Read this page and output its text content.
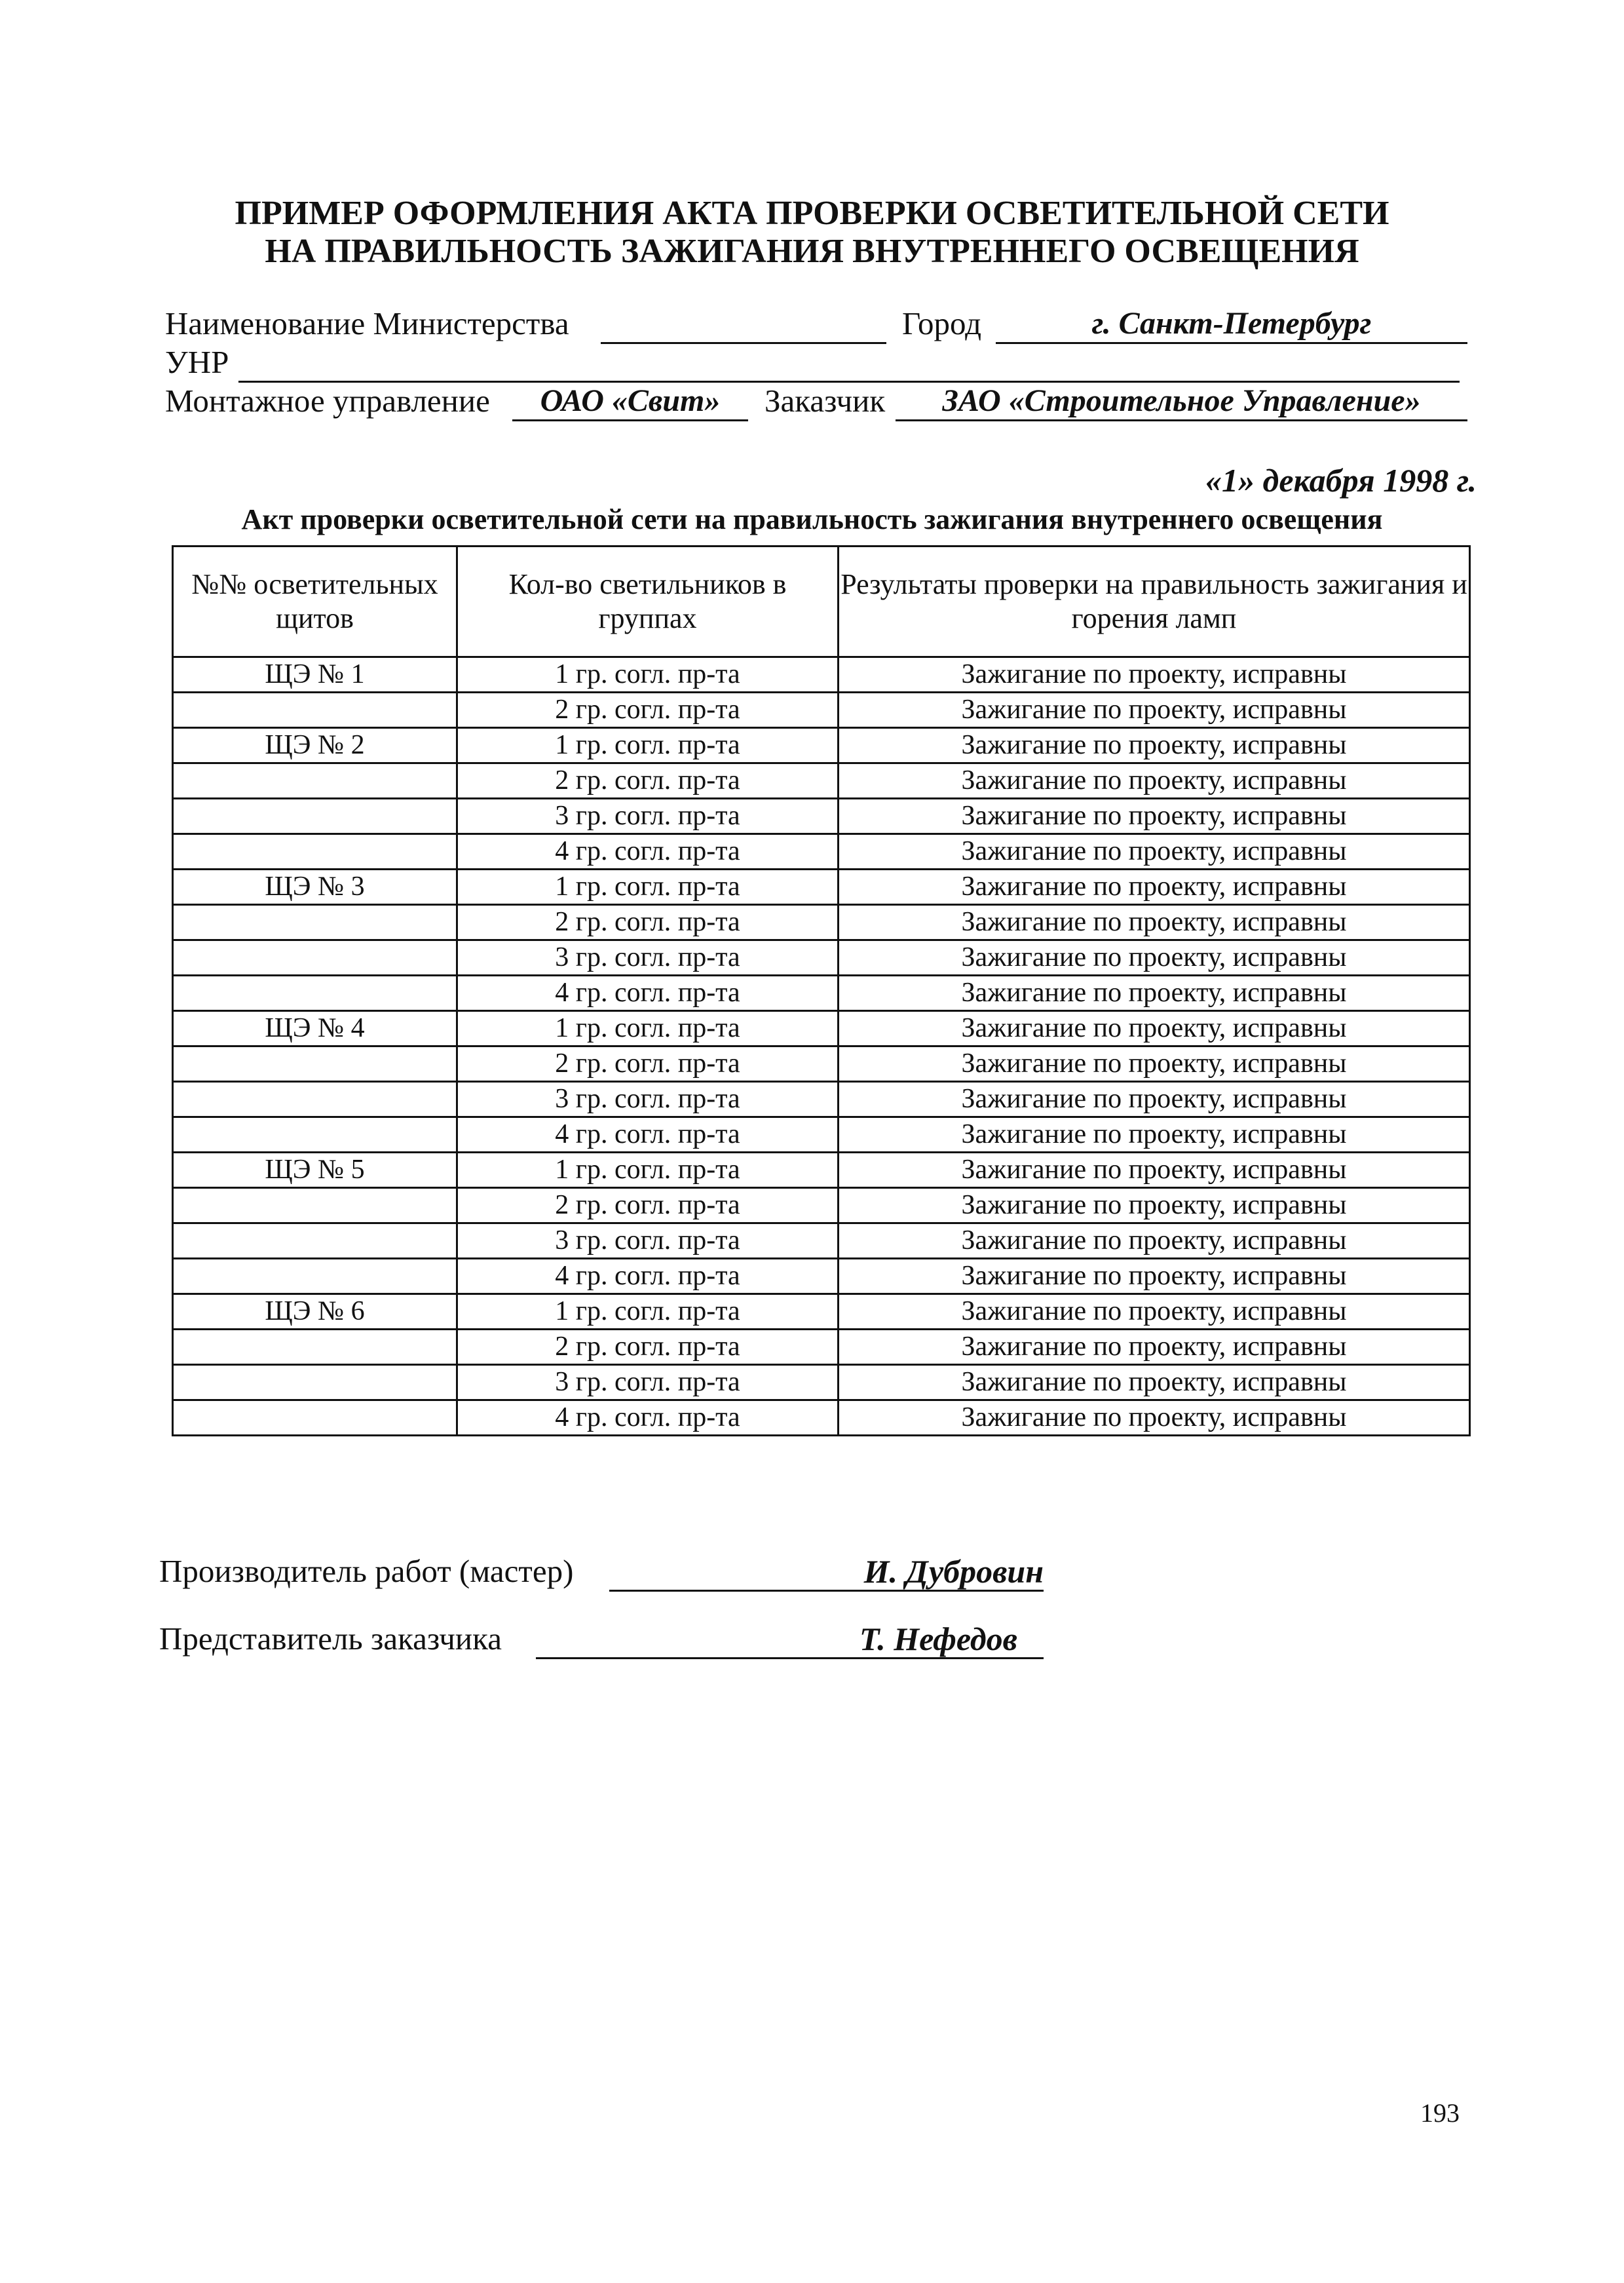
ПРИМЕР ОФОРМЛЕНИЯ АКТА ПРОВЕРКИ ОСВЕТИТЕЛЬНОЙ СЕТИ
НА ПРАВИЛЬНОСТЬ ЗАЖИГАНИЯ ВНУТРЕННЕГО ОСВЕЩЕНИЯ
Наименование Министерства	Город	г. Санкт-Петербург
УНР
Монтажное управление	ОАО «Свит»	Заказчик	ЗАО «Строительное Управление»
«1» декабря 1998 г.
Акт проверки осветительной сети на правильность зажигания внутреннего освещения
№№ осветительных щитов	Кол-во светильников в группах	Результаты проверки на правильность зажигания и горения ламп
ЩЭ № 1	1 гр. согл. пр-та	Зажигание по проекту, исправны
	2 гр. согл. пр-та	Зажигание по проекту, исправны
ЩЭ № 2	1 гр. согл. пр-та	Зажигание по проекту, исправны
	2 гр. согл. пр-та	Зажигание по проекту, исправны
	3 гр. согл. пр-та	Зажигание по проекту, исправны
	4 гр. согл. пр-та	Зажигание по проекту, исправны
ЩЭ № 3	1 гр. согл. пр-та	Зажигание по проекту, исправны
	2 гр. согл. пр-та	Зажигание по проекту, исправны
	3 гр. согл. пр-та	Зажигание по проекту, исправны
	4 гр. согл. пр-та	Зажигание по проекту, исправны
ЩЭ № 4	1 гр. согл. пр-та	Зажигание по проекту, исправны
	2 гр. согл. пр-та	Зажигание по проекту, исправны
	3 гр. согл. пр-та	Зажигание по проекту, исправны
	4 гр. согл. пр-та	Зажигание по проекту, исправны
ЩЭ № 5	1 гр. согл. пр-та	Зажигание по проекту, исправны
	2 гр. согл. пр-та	Зажигание по проекту, исправны
	3 гр. согл. пр-та	Зажигание по проекту, исправны
	4 гр. согл. пр-та	Зажигание по проекту, исправны
ЩЭ № 6	1 гр. согл. пр-та	Зажигание по проекту, исправны
	2 гр. согл. пр-та	Зажигание по проекту, исправны
	3 гр. согл. пр-та	Зажигание по проекту, исправны
	4 гр. согл. пр-та	Зажигание по проекту, исправны
Производитель работ (мастер)	И. Дубровин
Представитель заказчика	Т. Нефедов
193
